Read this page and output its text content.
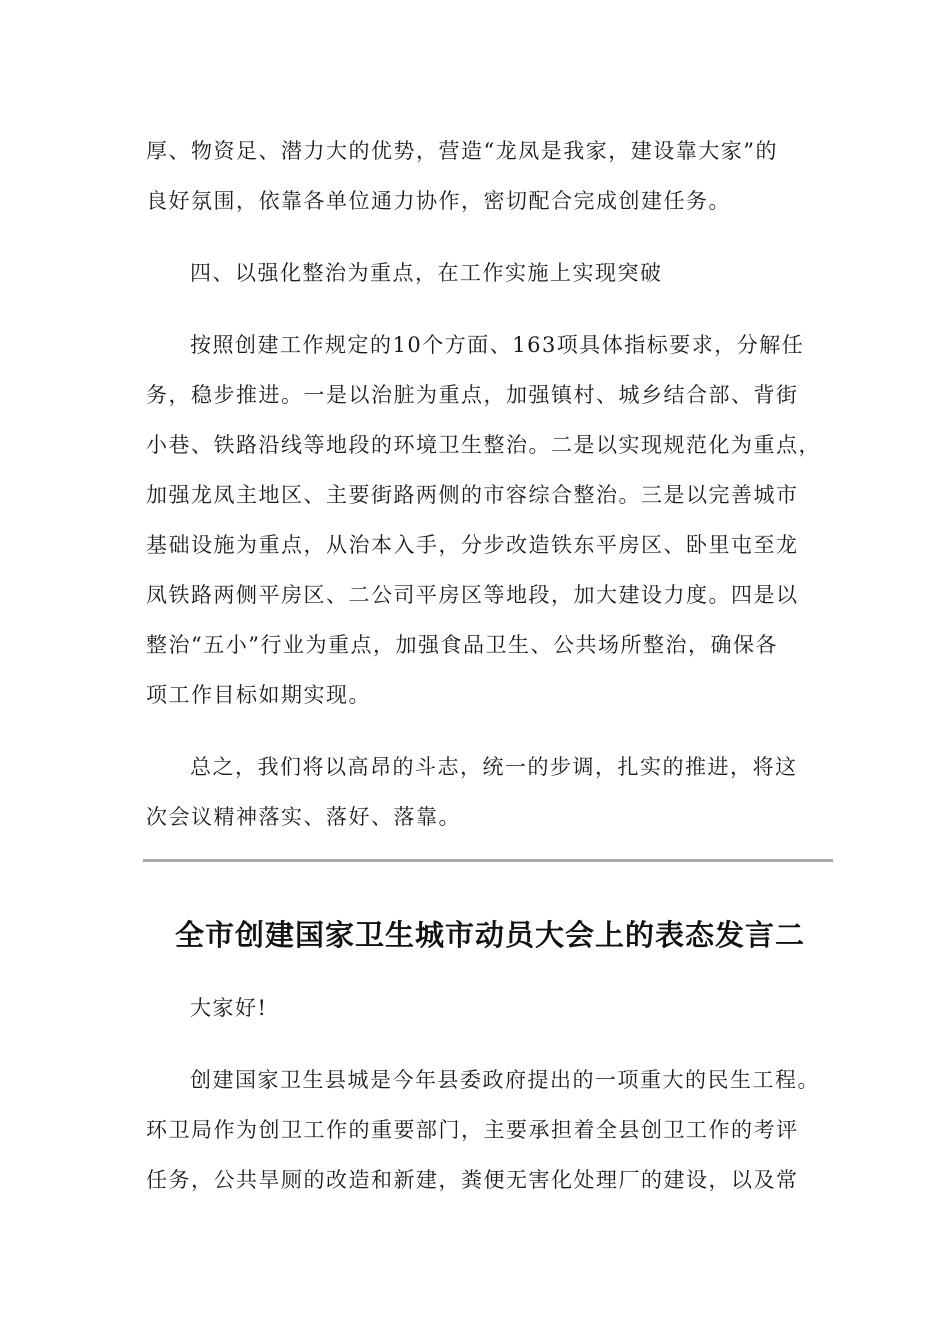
厚、物资足、潜力大的优势，营造“龙凤是我家，建设靠大家”的
良好氛围，依靠各单位通力协作，密切配合完成创建任务。
四、以强化整治为重点，在工作实施上实现突破
按照创建工作规定的10个方面、163项具体指标要求，分解任
务，稳步推进。一是以治脏为重点，加强镇村、城乡结合部、背街
小巷、铁路沿线等地段的环境卫生整治。二是以实现规范化为重点，
加强龙凤主地区、主要街路两侧的市容综合整治。三是以完善城市
基础设施为重点，从治本入手，分步改造铁东平房区、卧里屯至龙
凤铁路两侧平房区、二公司平房区等地段，加大建设力度。四是以
整治“五小”行业为重点，加强食品卫生、公共场所整治，确保各
项工作目标如期实现。
总之，我们将以高昂的斗志，统一的步调，扎实的推进，将这
次会议精神落实、落好、落靠。
全市创建国家卫生城市动员大会上的表态发言二
大家好!
创建国家卫生县城是今年县委政府提出的一项重大的民生工程。
环卫局作为创卫工作的重要部门，主要承担着全县创卫工作的考评
任务，公共旱厕的改造和新建，粪便无害化处理厂的建设，以及常
